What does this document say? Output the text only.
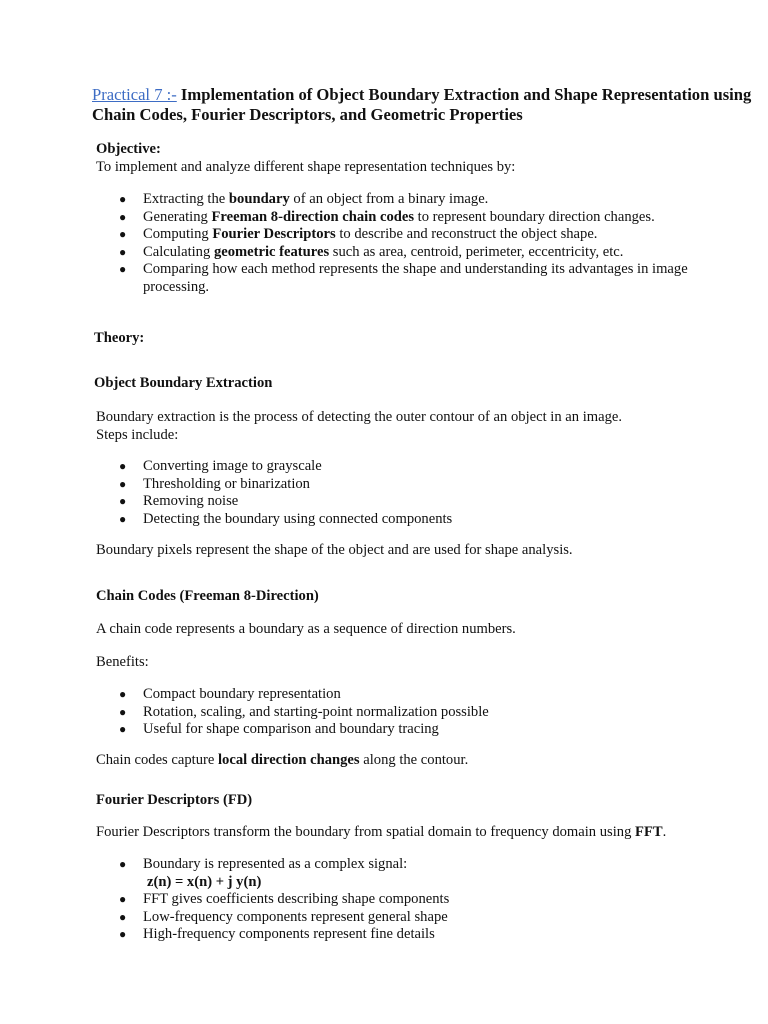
Practical 7 :- Implementation of Object Boundary Extraction and Shape Representation using Chain Codes, Fourier Descriptors, and Geometric Properties
Objective:
To implement and analyze different shape representation techniques by:
● Extracting the boundary of an object from a binary image.
● Generating Freeman 8-direction chain codes to represent boundary direction changes.
● Computing Fourier Descriptors to describe and reconstruct the object shape.
● Calculating geometric features such as area, centroid, perimeter, eccentricity, etc.
● Comparing how each method represents the shape and understanding its advantages in image processing.
Theory:
Object Boundary Extraction
Boundary extraction is the process of detecting the outer contour of an object in an image.
Steps include:
● Converting image to grayscale
● Thresholding or binarization
● Removing noise
● Detecting the boundary using connected components
Boundary pixels represent the shape of the object and are used for shape analysis.
Chain Codes (Freeman 8-Direction)
A chain code represents a boundary as a sequence of direction numbers.
Benefits:
● Compact boundary representation
● Rotation, scaling, and starting-point normalization possible
● Useful for shape comparison and boundary tracing
Chain codes capture local direction changes along the contour.
Fourier Descriptors (FD)
Fourier Descriptors transform the boundary from spatial domain to frequency domain using FFT.
● Boundary is represented as a complex signal:
z(n) = x(n) + j y(n)
● FFT gives coefficients describing shape components
● Low-frequency components represent general shape
● High-frequency components represent fine details
